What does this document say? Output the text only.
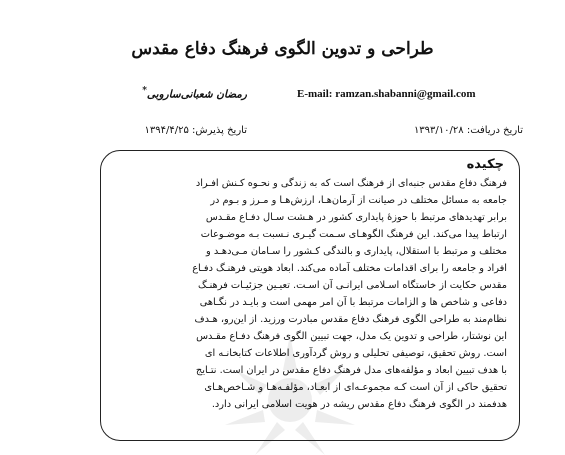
طراحی و تدوین الگوی فرهنگ دفاع مقدس
رمضان شعبانی‌ساروبی*	E-mail: ramzan.shabanni@gmail.com
تاریخ دریافت: ۱۳۹۳/۱۰/۲۸
تاریخ پذیرش: ۱۳۹۴/۴/۲۵
چکیده
فرهنگ دفاع مقدس جنبه‌ای از فرهنگ است که به زندگی و نحـوه کـنش افـراد
جامعه به مسائل مختلف در صیانت از آرمان‌هـا، ارزش‌هـا و مـرز و بـوم در
برابر تهدیدهای مرتبط با حوزهٔ پایداری کشور در هـشت سـال دفـاع مقـدس
ارتباط پیدا می‌کند. این فرهنگ الگوهـای سـمت گیـری نـسبت بـه موضـوعات
مختلف و مرتبط با استقلال، پایداری و بالندگی کـشور را سـامان مـی‌دهـد و
افراد و جامعه را برای اقدامات مختلف آماده می‌کند. ابعاد هویتی فرهنـگ دفـاع
مقدس حکایت از خاستگاه اسـلامی ایرانـی آن اسـت. تعیـین جزئیـات فرهنـگ
دفاعی و شاخص ها و الزامات مرتبط با آن امر مهمی است و بایـد در نگـاهی
نظام‌مند به طراحی الگوی فرهنگ دفاع مقدس مبادرت ورزید. از این‌رو، هـدف
این نوشتار، طراحی و تدوین یک مدل، جهت تبیین الگوی فرهنگ دفـاع مقـدس
است. روش تحقیق، توصیفی تحلیلی و روش گردآوری اطلاعات کتابخانـه ای
با هدف تبیین ابعاد و مؤلفه‌های مدل فرهنگ دفاع مقدس در ایران است. نتـایج
تحقیق حاکی از آن است کـه مجموعـه‌ای از ابعـاد، مؤلفـه‌هـا و شـاخص‌هـای
هدفمند در الگوی فرهنگ دفاع مقدس ریشه در هویت اسلامی ایرانی دارد.
